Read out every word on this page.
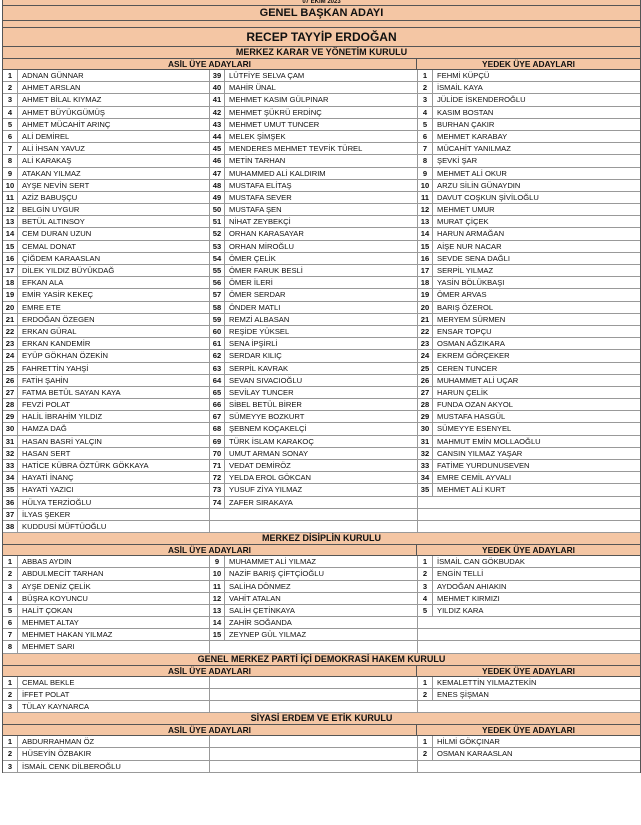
07 EKİM 2023
GENEL BAŞKAN ADAYI
RECEP TAYYİP ERDOĞAN
MERKEZ KARAR VE YÖNETİM KURULU
ASİL ÜYE ADAYLARI	YEDEK ÜYE ADAYLARI
1	ADNAN GÜNNAR	39	LÜTFİYE SELVA ÇAM	1	FEHMİ KÜPÇÜ
2	AHMET ARSLAN	40	MAHİR ÜNAL	2	İSMAİL KAYA
3	AHMET BİLAL KIYMAZ	41	MEHMET KASIM GÜLPINAR	3	JÜLİDE İSKENDEROĞLU
4	AHMET BÜYÜKGÜMÜŞ	42	MEHMET ŞÜKRÜ ERDİNÇ	4	KASIM BOSTAN
5	AHMET MÜCAHİT ARINÇ	43	MEHMET UMUT TUNCER	5	BURHAN ÇAKIR
6	ALİ DEMİREL	44	MELEK ŞİMŞEK	6	MEHMET KARABAY
7	ALİ İHSAN YAVUZ	45	MENDERES MEHMET TEVFİK TÜREL	7	MÜCAHİT YANILMAZ
8	ALİ KARAKAŞ	46	METİN TARHAN	8	ŞEVKİ ŞAR
9	ATAKAN YILMAZ	47	MUHAMMED ALİ KALDIRIM	9	MEHMET ALİ OKUR
10	AYŞE NEVİN SERT	48	MUSTAFA ELİTAŞ	10	ARZU SİLİN GÜNAYDIN
11	AZİZ BABUŞÇU	49	MUSTAFA SEVER	11	DAVUT COŞKUN ŞİVİLOĞLU
12	BELGİN UYGUR	50	MUSTAFA ŞEN	12	MEHMET UMUR
13	BETÜL ALTINSOY	51	NİHAT ZEYBEKÇİ	13	MURAT ÇİÇEK
14	CEM DURAN UZUN	52	ORHAN KARASAYAR	14	HARUN ARMAĞAN
15	CEMAL DONAT	53	ORHAN MİROĞLU	15	AİŞE NUR NACAR
16	ÇİĞDEM KARAASLAN	54	ÖMER ÇELİK	16	SEVDE SENA DAĞLI
17	DİLEK YILDIZ BÜYÜKDAĞ	55	ÖMER FARUK BESLİ	17	SERPİL YILMAZ
18	EFKAN ALA	56	ÖMER İLERİ	18	YASİN BÖLÜKBAŞI
19	EMİR YASİR KEKEÇ	57	ÖMER SERDAR	19	ÖMER ARVAS
20	EMRE ETE	58	ÖNDER MATLI	20	BARIŞ ÖZEROL
21	ERDOĞAN ÖZEGEN	59	REMZİ ALBASAN	21	MERYEM SÜRMEN
22	ERKAN GÜRAL	60	REŞİDE YÜKSEL	22	ENSAR TOPÇU
23	ERKAN KANDEMİR	61	SENA İPŞİRLİ	23	OSMAN AĞZIKARA
24	EYÜP GÖKHAN ÖZEKİN	62	SERDAR KILIÇ	24	EKREM GÖRÇEKER
25	FAHRETTİN YAHŞİ	63	SERPİL KAVRAK	25	CEREN TUNCER
26	FATİH ŞAHİN	64	SEVAN SIVACIOĞLU	26	MUHAMMET ALİ UÇAR
27	FATMA BETÜL SAYAN KAYA	65	SEVİLAY TUNCER	27	HARUN ÇELİK
28	FEVZİ POLAT	66	SİBEL BETÜL BİRER	28	FUNDA OZAN AKYOL
29	HALİL İBRAHİM YILDIZ	67	SÜMEYYE BOZKURT	29	MUSTAFA HASGÜL
30	HAMZA DAĞ	68	ŞEBNEM KOÇAKELÇİ	30	SÜMEYYE ESENYEL
31	HASAN BASRİ YALÇIN	69	TÜRK İSLAM KARAKOÇ	31	MAHMUT EMİN MOLLAOĞLU
32	HASAN SERT	70	UMUT ARMAN SONAY	32	CANSIN YILMAZ YAŞAR
33	HATİCE KÜBRA ÖZTÜRK GÖKKAYA	71	VEDAT DEMİRÖZ	33	FATİME YURDUNUSEVEN
34	HAYATİ İNANÇ	72	YELDA EROL GÖKCAN	34	EMRE CEMİL AYVALI
35	HAYATİ YAZICI	73	YUSUF ZİYA YILMAZ	35	MEHMET ALİ KURT
36	HÜLYA TERZİOĞLU	74	ZAFER SIRAKAYA
37	İLYAS ŞEKER
38	KUDDUSİ MÜFTÜOĞLU
MERKEZ DİSİPLİN KURULU
ASİL ÜYE ADAYLARI	YEDEK ÜYE ADAYLARI
1	ABBAS AYDIN	9	MUHAMMET ALİ YILMAZ	1	İSMAİL CAN GÖKBUDAK
2	ABDULMECİT TARHAN	10	NAZİF BARIŞ ÇİFTÇİOĞLU	2	ENGİN TELLİ
3	AYŞE DENİZ ÇELİK	11	SALİHA DÖNMEZ	3	AYDOĞAN AHIAKIN
4	BÜŞRA KOYUNCU	12	VAHİT ATALAN	4	MEHMET KIRMIZI
5	HALİT ÇOKAN	13	SALİH ÇETİNKAYA	5	YILDIZ KARA
6	MEHMET ALTAY	14	ZAHİR SOĞANDA
7	MEHMET HAKAN YILMAZ	15	ZEYNEP GÜL YILMAZ
8	MEHMET SARI
GENEL MERKEZ PARTİ İÇİ DEMOKRASİ HAKEM KURULU
ASİL ÜYE ADAYLARI	YEDEK ÜYE ADAYLARI
1	CEMAL BEKLE	1	KEMALETTİN YILMAZTEKİN
2	İFFET POLAT	2	ENES ŞİŞMAN
3	TÜLAY KAYNARCA
SİYASİ ERDEM VE ETİK KURULU
ASİL ÜYE ADAYLARI	YEDEK ÜYE ADAYLARI
1	ABDURRAHMAN ÖZ	1	HİLMİ GÖKÇINAR
2	HÜSEYİN ÖZBAKIR	2	OSMAN KARAASLAN
3	İSMAİL CENK DİLBEROĞLU
